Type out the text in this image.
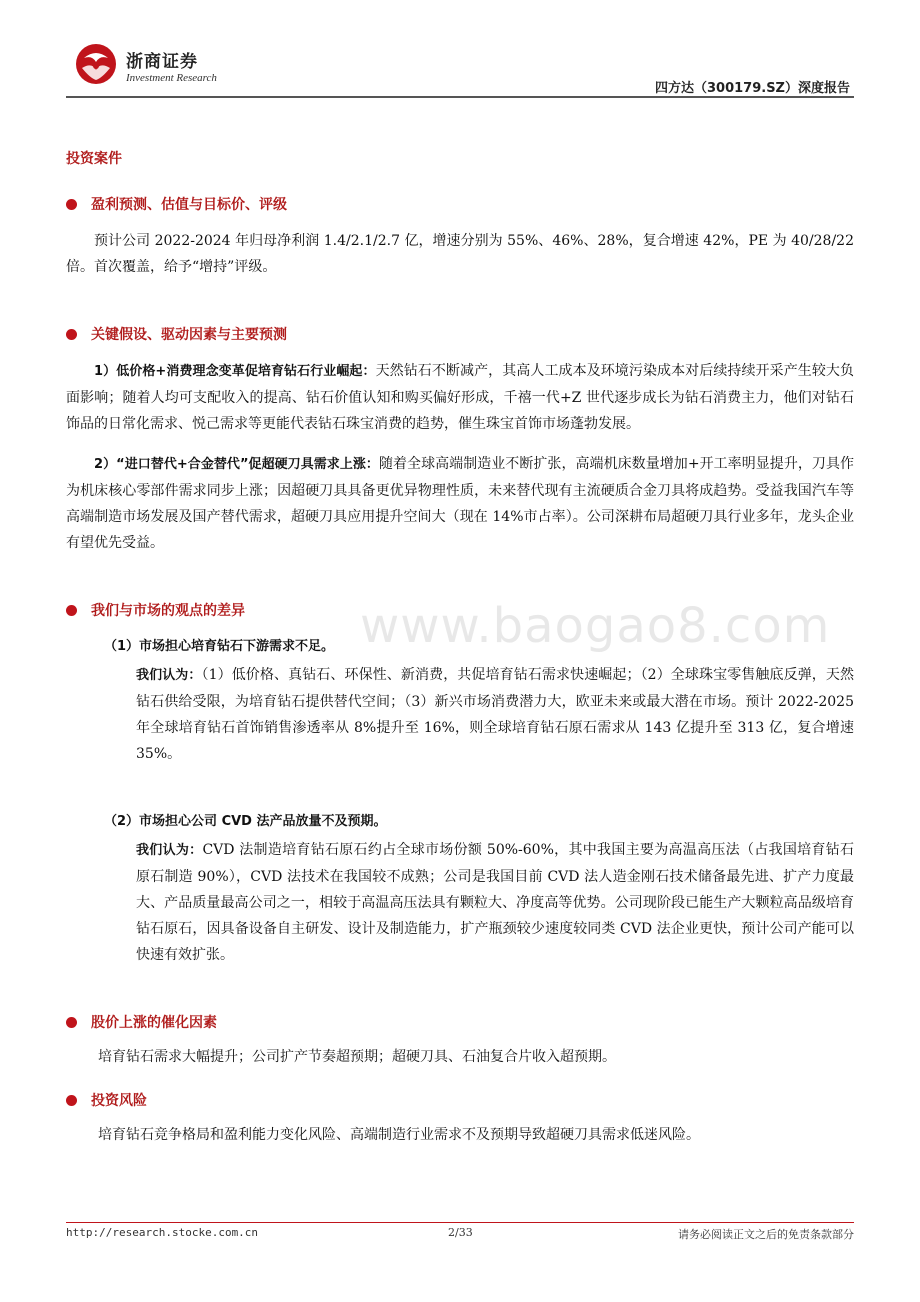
浙商证券
Investment Research
四方达（300179.SZ）深度报告
投资案件
盈利预测、估值与目标价、评级

预计公司 2022-2024 年归母净利润 1.4/2.1/2.7 亿，增速分别为 55%、46%、28%，复合增速 42%，PE 为 40/28/22 倍。首次覆盖，给予“增持”评级。

关键假设、驱动因素与主要预测

1）低价格+消费理念变革促培育钻石行业崛起：天然钻石不断减产，其高人工成本及环境污染成本对后续持续开采产生较大负面影响；随着人均可支配收入的提高、钻石价值认知和购买偏好形成，千禧一代+Z 世代逐步成长为钻石消费主力，他们对钻石饰品的日常化需求、悦己需求等更能代表钻石珠宝消费的趋势，催生珠宝首饰市场蓬勃发展。

2）“进口替代+合金替代”促超硬刀具需求上涨：随着全球高端制造业不断扩张，高端机床数量增加+开工率明显提升，刀具作为机床核心零部件需求同步上涨；因超硬刀具具备更优异物理性质，未来替代现有主流硬质合金刀具将成趋势。受益我国汽车等高端制造市场发展及国产替代需求，超硬刀具应用提升空间大（现在 14%市占率）。公司深耕布局超硬刀具行业多年，龙头企业有望优先受益。

我们与市场的观点的差异
（1）市场担心培育钻石下游需求不足。

我们认为：（1）低价格、真钻石、环保性、新消费，共促培育钻石需求快速崛起；（2）全球珠宝零售触底反弹，天然钻石供给受限，为培育钻石提供替代空间；（3）新兴市场消费潜力大，欧亚未来或最大潜在市场。预计 2022-2025 年全球培育钻石首饰销售渗透率从 8%提升至 16%，则全球培育钻石原石需求从 143 亿提升至 313 亿，复合增速 35%。

（2）市场担心公司 CVD 法产品放量不及预期。

我们认为：CVD 法制造培育钻石原石约占全球市场份额 50%-60%，其中我国主要为高温高压法（占我国培育钻石原石制造 90%），CVD 法技术在我国较不成熟；公司是我国目前 CVD 法人造金刚石技术储备最先进、扩产力度最大、产品质量最高公司之一，相较于高温高压法具有颗粒大、净度高等优势。公司现阶段已能生产大颗粒高品级培育钻石原石，因具备设备自主研发、设计及制造能力，扩产瓶颈较少速度较同类 CVD 法企业更快，预计公司产能可以快速有效扩张。

股价上涨的催化因素

培育钻石需求大幅提升；公司扩产节奏超预期；超硬刀具、石油复合片收入超预期。

投资风险

培育钻石竞争格局和盈利能力变化风险、高端制造行业需求不及预期导致超硬刀具需求低迷风险。

www.baogao8.com
http://research.stocke.com.cn	2/33	请务必阅读正文之后的免责条款部分
